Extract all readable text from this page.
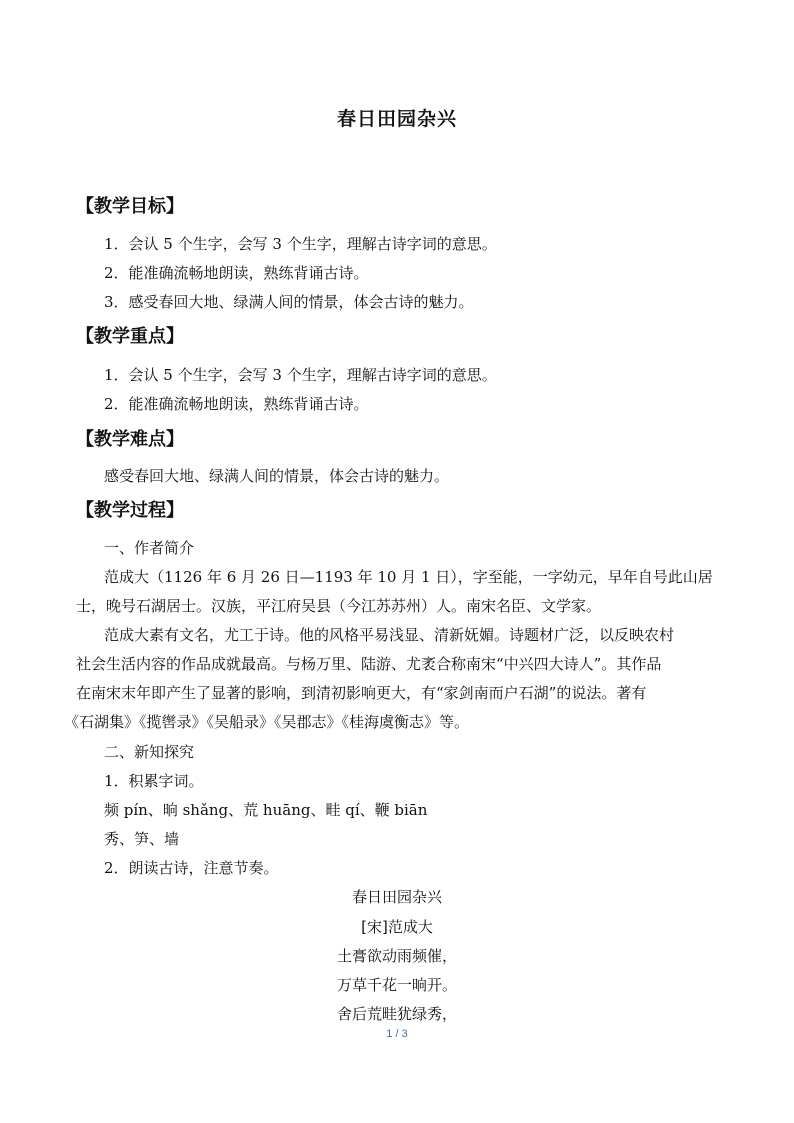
春日田园杂兴
【教学目标】
1．会认 5 个生字，会写 3 个生字，理解古诗字词的意思。
2．能准确流畅地朗读，熟练背诵古诗。
3．感受春回大地、绿满人间的情景，体会古诗的魅力。
【教学重点】
1．会认 5 个生字，会写 3 个生字，理解古诗字词的意思。
2．能准确流畅地朗读，熟练背诵古诗。
【教学难点】
感受春回大地、绿满人间的情景，体会古诗的魅力。
【教学过程】
一、作者简介
范成大（1126 年 6 月 26 日—1193 年 10 月 1 日），字至能，一字幼元，早年自号此山居
士，晚号石湖居士。汉族，平江府吴县（今江苏苏州）人。南宋名臣、文学家。
范成大素有文名，尤工于诗。他的风格平易浅显、清新妩媚。诗题材广泛，以反映农村
社会生活内容的作品成就最高。与杨万里、陆游、尤袤合称南宋“中兴四大诗人”。其作品
在南宋末年即产生了显著的影响，到清初影响更大，有“家剑南而户石湖”的说法。著有
《石湖集》《揽辔录》《吴船录》《吴郡志》《桂海虞衡志》等。
二、新知探究
1．积累字词。
频 pín、晌 shǎng、荒 huāng、畦 qí、鞭 biān
秀、笋、墙
2．朗读古诗，注意节奏。
春日田园杂兴
[宋]范成大
土膏欲动雨频催，
万草千花一晌开。
舍后荒畦犹绿秀，
1 / 3
